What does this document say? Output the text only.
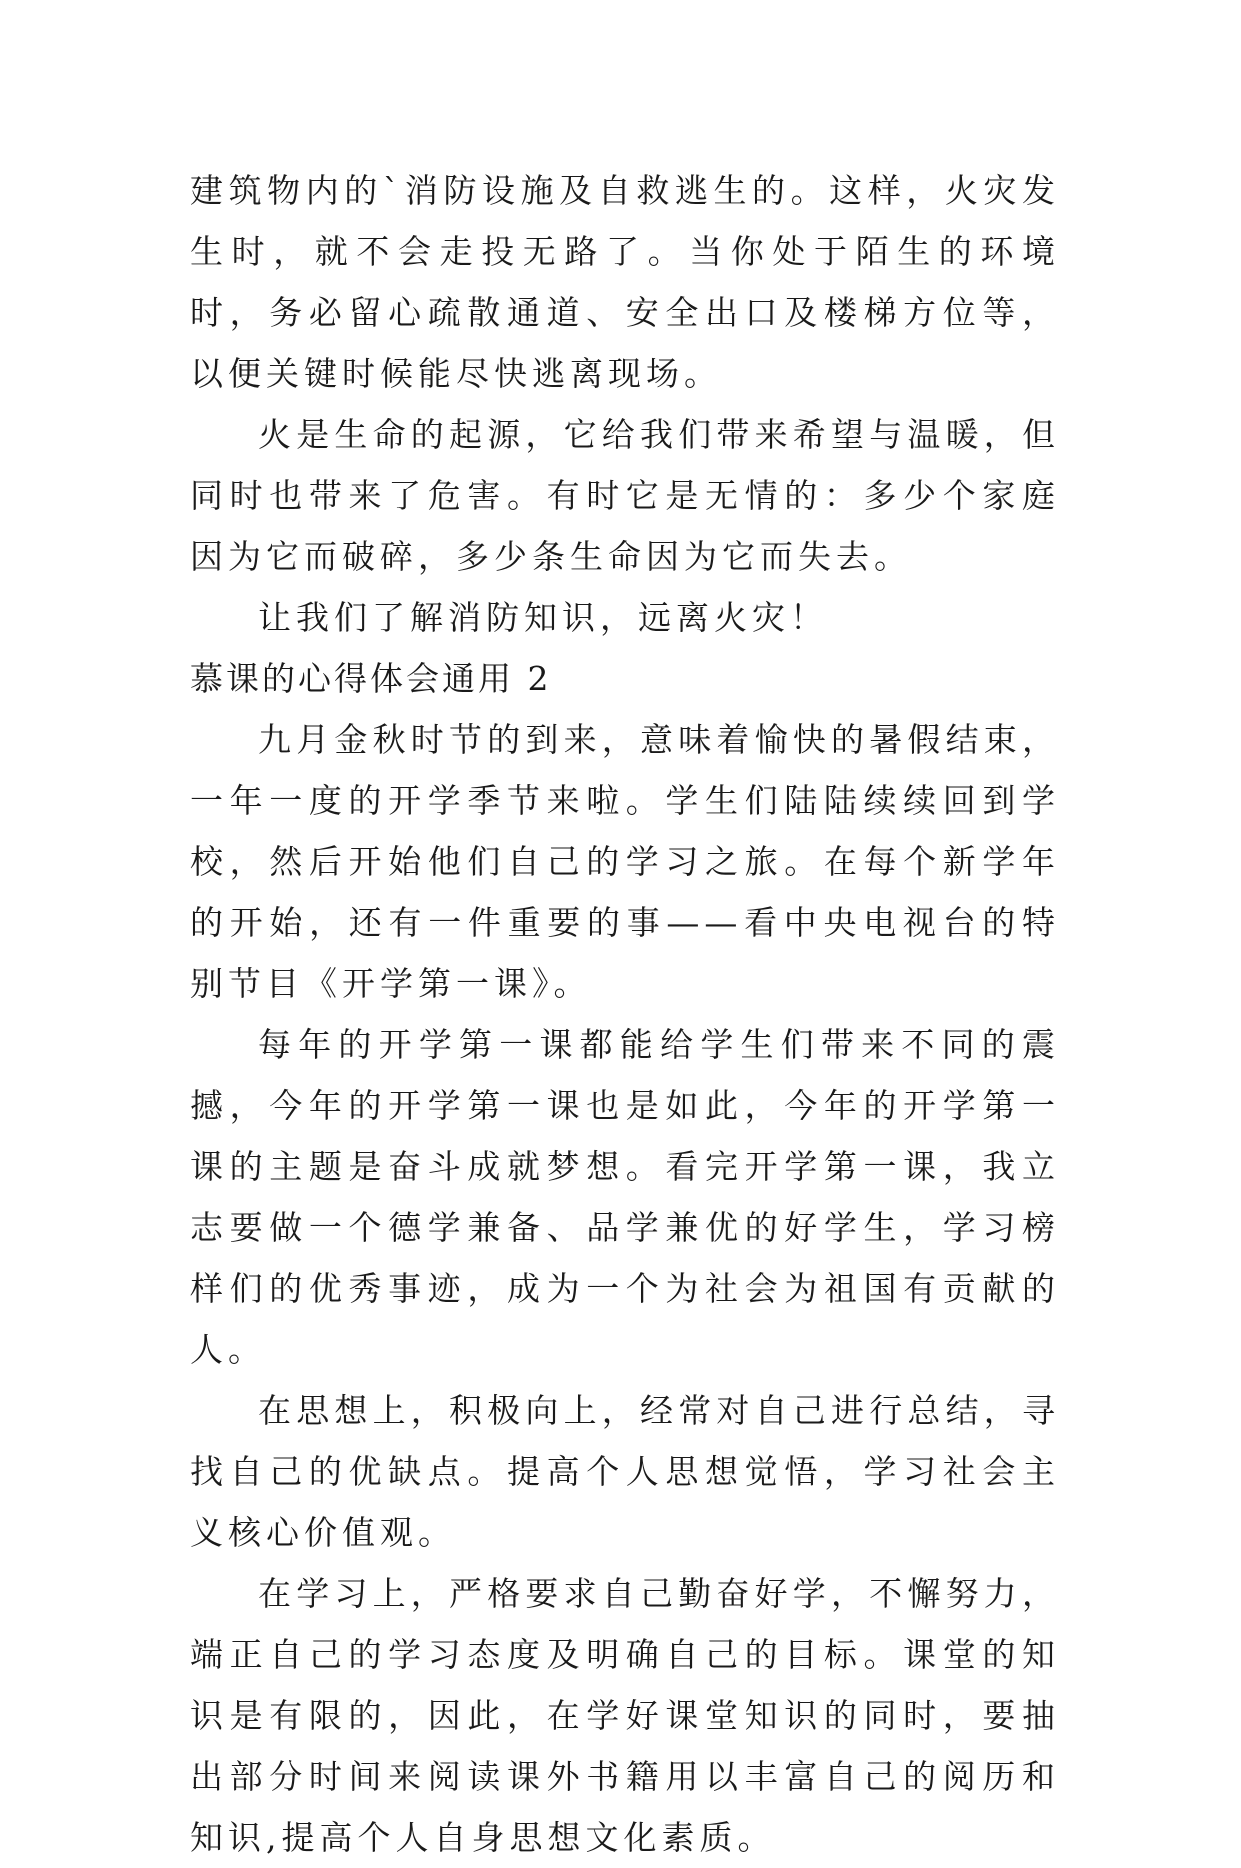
建筑物内的`消防设施及自救逃生的。这样，火灾发生时，就不会走投无路了。当你处于陌生的环境时，务必留心疏散通道、安全出口及楼梯方位等，以便关键时候能尽快逃离现场。

火是生命的起源，它给我们带来希望与温暖，但同时也带来了危害。有时它是无情的：多少个家庭因为它而破碎，多少条生命因为它而失去。

让我们了解消防知识，远离火灾！

慕课的心得体会通用 2

九月金秋时节的到来，意味着愉快的暑假结束，一年一度的开学季节来啦。学生们陆陆续续回到学校，然后开始他们自己的学习之旅。在每个新学年的开始，还有一件重要的事——看中央电视台的特别节目《开学第一课》。

每年的开学第一课都能给学生们带来不同的震撼，今年的开学第一课也是如此，今年的开学第一课的主题是奋斗成就梦想。看完开学第一课，我立志要做一个德学兼备、品学兼优的好学生，学习榜样们的优秀事迹，成为一个为社会为祖国有贡献的人。

在思想上，积极向上，经常对自己进行总结，寻找自己的优缺点。提高个人思想觉悟，学习社会主义核心价值观。

在学习上，严格要求自己勤奋好学，不懈努力，端正自己的学习态度及明确自己的目标。课堂的知识是有限的，因此，在学好课堂知识的同时，要抽出部分时间来阅读课外书籍用以丰富自己的阅历和知识,提高个人自身思想文化素质。
